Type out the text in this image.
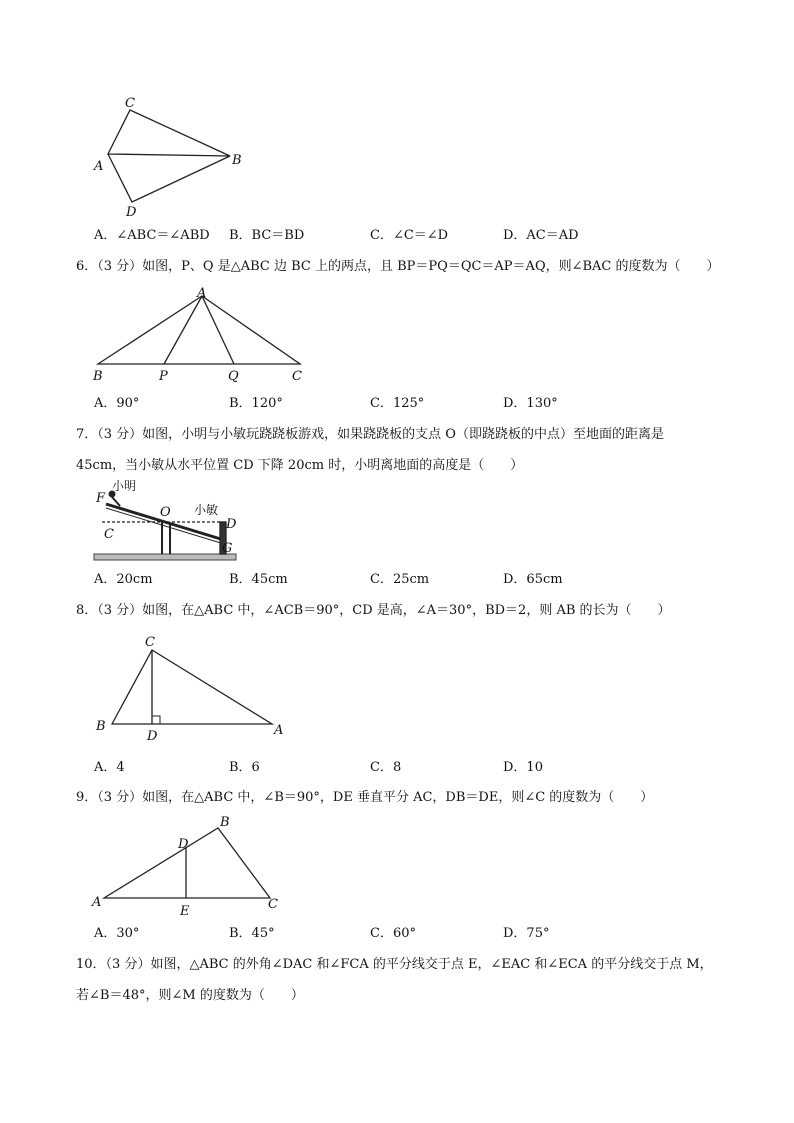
C
A	B
D
A．∠ABC＝∠ABD B．BC＝BD	C．∠C＝∠D	D．AC＝AD
6．（3 分）如图，P、Q 是△ABC 边 BC 上的两点，且 BP＝PQ＝QC＝AP＝AQ，则∠BAC 的度数为（　　）
A
B	P	Q	C
A．90°	B．120°	C．125°	D．130°
7．（3 分）如图，小明与小敏玩跷跷板游戏，如果跷跷板的支点 O（即跷跷板的中点）至地面的距离是
45cm，当小敏从水平位置 CD 下降 20cm 时，小明离地面的高度是（　　）
F
小明
O 小敏
D
C
G
A．20cm	B．45cm	C．25cm	D．65cm
8．（3 分）如图，在△ABC 中，∠ACB＝90°，CD 是高，∠A＝30°，BD＝2，则 AB 的长为（　　）
C
B
D	A
A．4	B．6	C．8	D．10
9．（3 分）如图，在△ABC 中，∠B＝90°，DE 垂直平分 AC，DB＝DE，则∠C 的度数为（　　）
B
D
A
E	C
A．30°	B．45°	C．60°	D．75°
10．（3 分）如图，△ABC 的外角∠DAC 和∠FCA 的平分线交于点 E，∠EAC 和∠ECA 的平分线交于点 M，
若∠B＝48°，则∠M 的度数为（　　）
